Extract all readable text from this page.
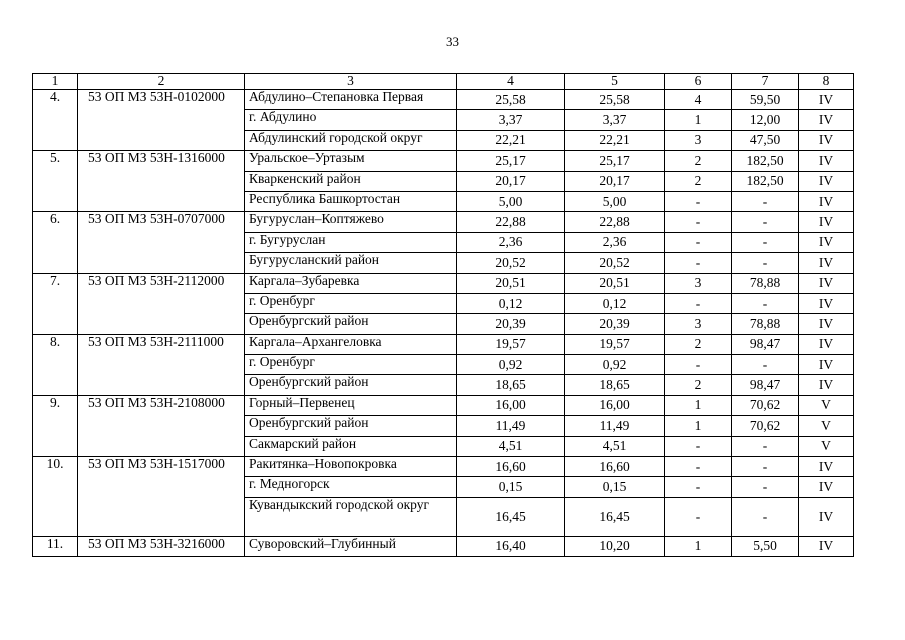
33
1	2	3	4	5	6	7	8
4.	53 ОП МЗ 53Н-0102000	Абдулино–Степановка Первая	25,58	25,58	4	59,50	IV
		г. Абдулино	3,37	3,37	1	12,00	IV
		Абдулинский городской округ	22,21	22,21	3	47,50	IV
5.	53 ОП МЗ 53Н-1316000	Уральское–Уртазым	25,17	25,17	2	182,50	IV
		Кваркенский район	20,17	20,17	2	182,50	IV
		Республика Башкортостан	5,00	5,00	-	-	IV
6.	53 ОП МЗ 53Н-0707000	Бугуруслан–Коптяжево	22,88	22,88	-	-	IV
		г. Бугуруслан	2,36	2,36	-	-	IV
		Бугурусланский район	20,52	20,52	-	-	IV
7.	53 ОП МЗ 53Н-2112000	Каргала–Зубаревка	20,51	20,51	3	78,88	IV
		г. Оренбург	0,12	0,12	-	-	IV
		Оренбургский район	20,39	20,39	3	78,88	IV
8.	53 ОП МЗ 53Н-2111000	Каргала–Архангеловка	19,57	19,57	2	98,47	IV
		г. Оренбург	0,92	0,92	-	-	IV
		Оренбургский район	18,65	18,65	2	98,47	IV
9.	53 ОП МЗ 53Н-2108000	Горный–Первенец	16,00	16,00	1	70,62	V
		Оренбургский район	11,49	11,49	1	70,62	V
		Сакмарский район	4,51	4,51	-	-	V
10.	53 ОП МЗ 53Н-1517000	Ракитянка–Новопокровка	16,60	16,60	-	-	IV
		г. Медногорск	0,15	0,15	-	-	IV
		Кувандыкский городской округ	16,45	16,45	-	-	IV
11.	53 ОП МЗ 53Н-3216000	Суворовский–Глубинный	16,40	10,20	1	5,50	IV
